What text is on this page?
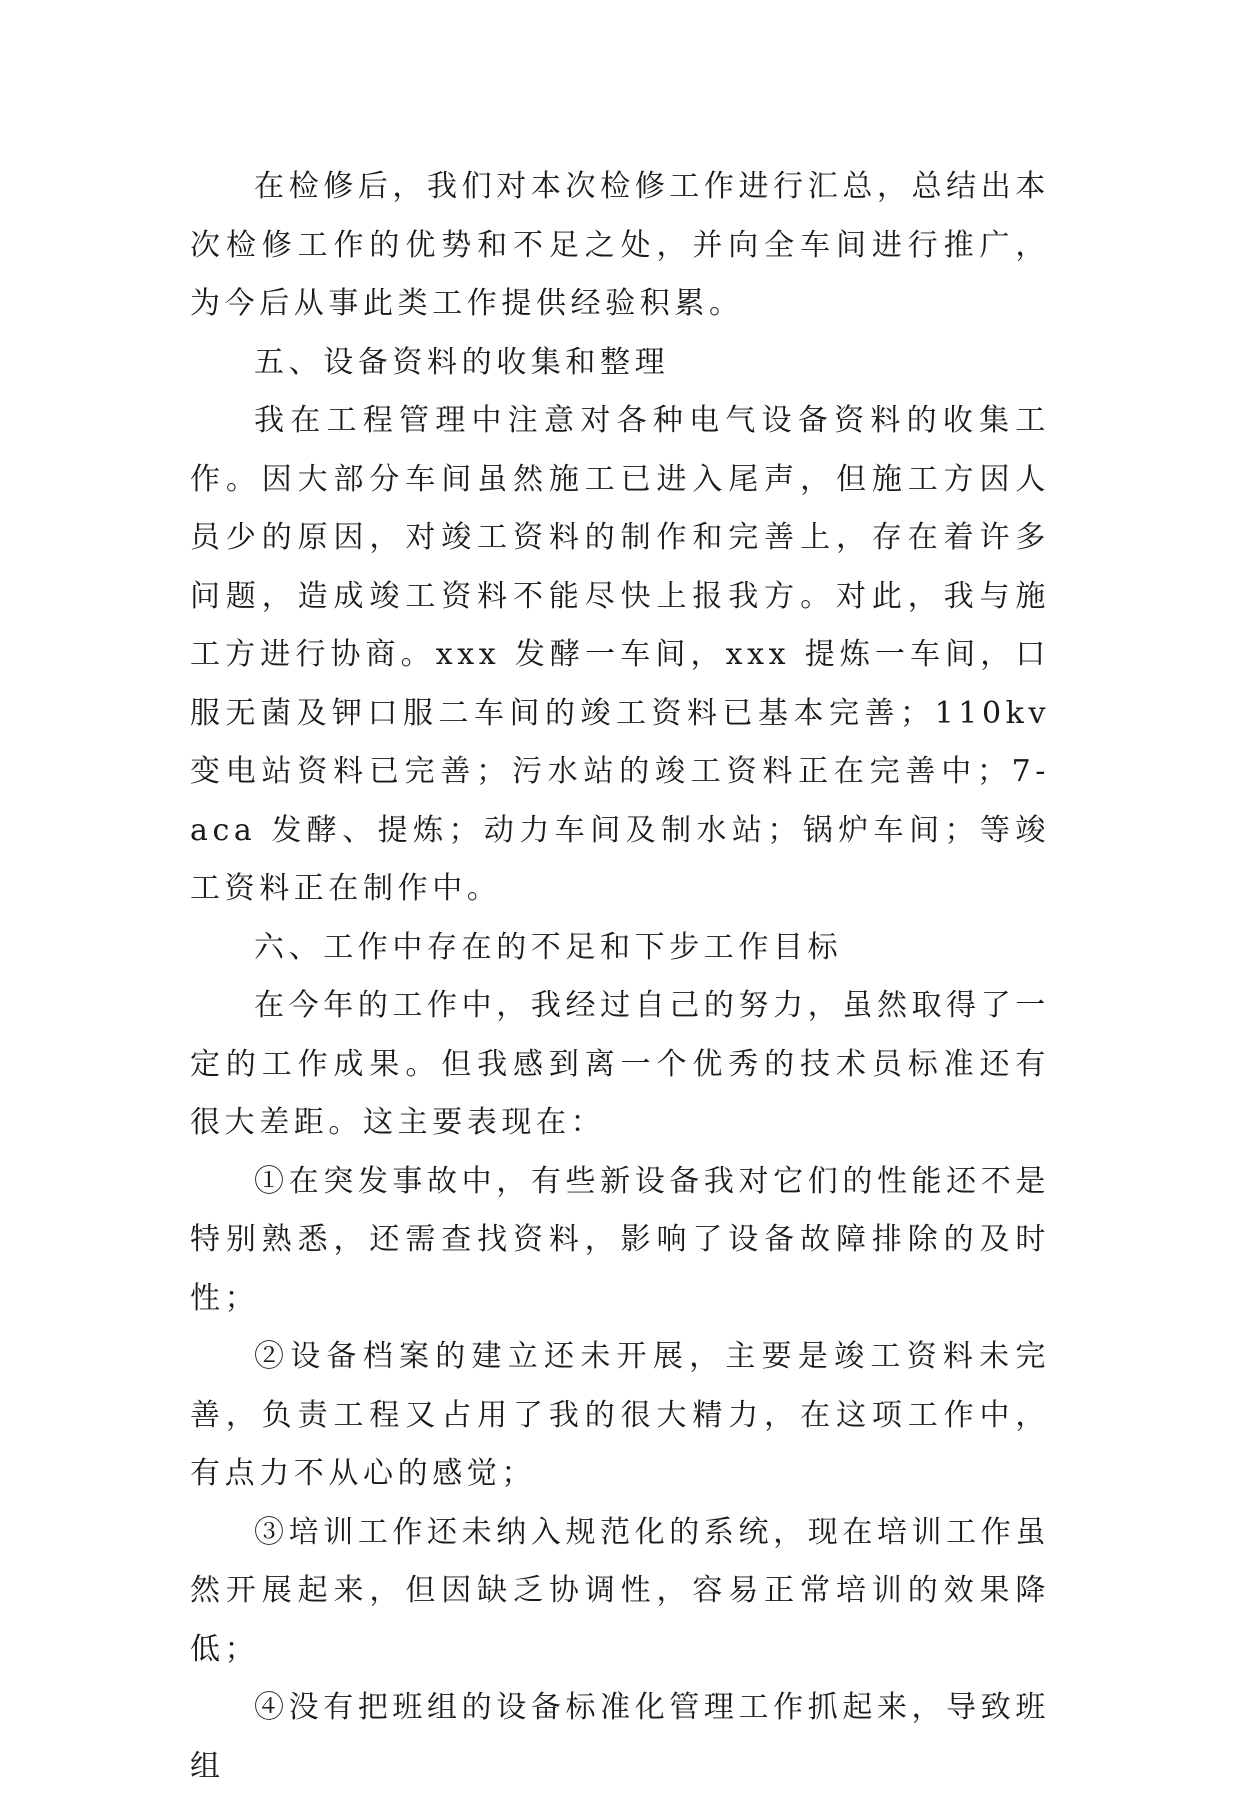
在检修后，我们对本次检修工作进行汇总，总结出本次检修工作的优势和不足之处，并向全车间进行推广，为今后从事此类工作提供经验积累。

五、设备资料的收集和整理

我在工程管理中注意对各种电气设备资料的收集工作。因大部分车间虽然施工已进入尾声，但施工方因人员少的原因，对竣工资料的制作和完善上，存在着许多问题，造成竣工资料不能尽快上报我方。对此，我与施工方进行协商。xxx 发酵一车间，xxx 提炼一车间，口服无菌及钾口服二车间的竣工资料已基本完善；110kv 变电站资料已完善；污水站的竣工资料正在完善中；7-aca 发酵、提炼；动力车间及制水站；锅炉车间；等竣工资料正在制作中。

六、工作中存在的不足和下步工作目标

在今年的工作中，我经过自己的努力，虽然取得了一定的工作成果。但我感到离一个优秀的技术员标准还有很大差距。这主要表现在：

①在突发事故中，有些新设备我对它们的性能还不是特别熟悉，还需查找资料，影响了设备故障排除的及时性；

②设备档案的建立还未开展，主要是竣工资料未完善，负责工程又占用了我的很大精力，在这项工作中，有点力不从心的感觉；

③培训工作还未纳入规范化的系统，现在培训工作虽然开展起来，但因缺乏协调性，容易正常培训的效果降低；

④没有把班组的设备标准化管理工作抓起来，导致班组
